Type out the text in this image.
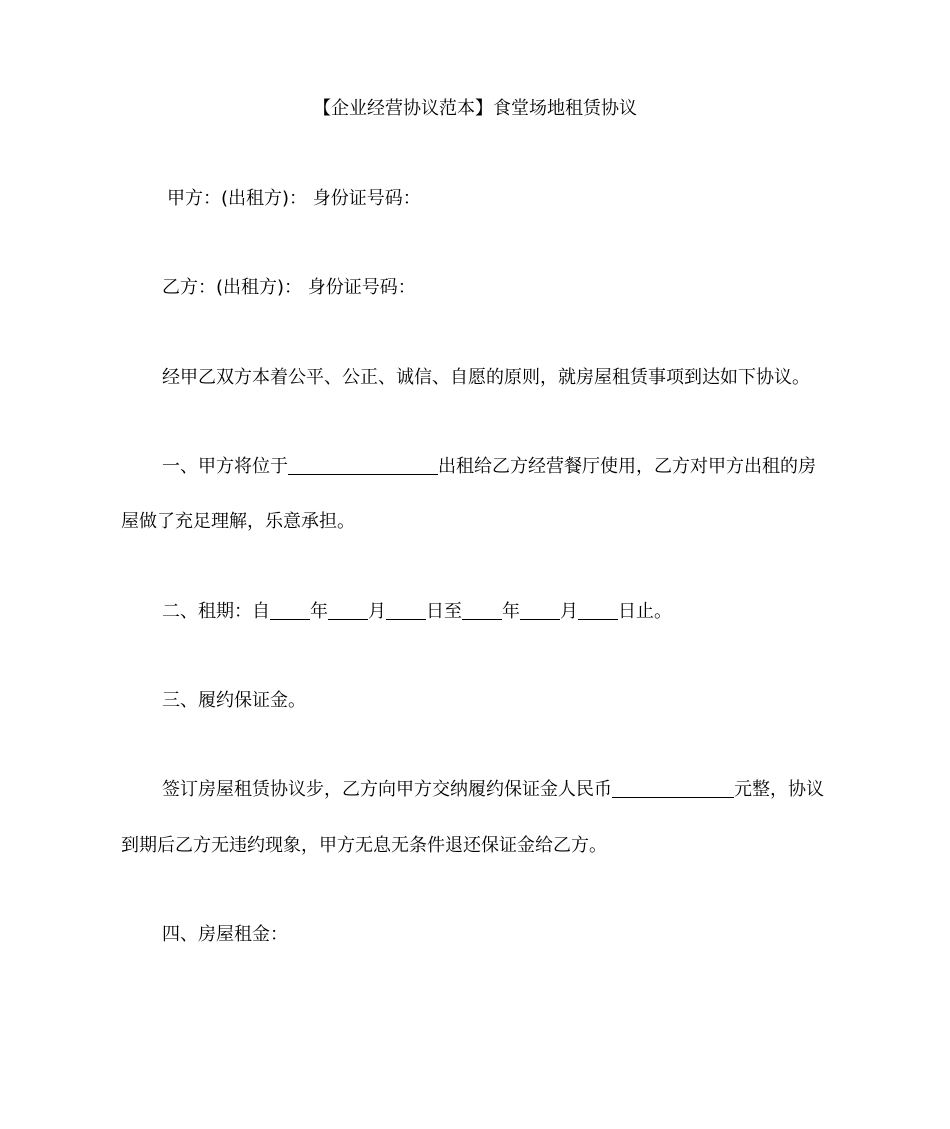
【企业经营协议范本】食堂场地租赁协议
甲方：(出租方)： 身份证号码：
乙方：(出租方)： 身份证号码：
经甲乙双方本着公平、公正、诚信、自愿的原则，就房屋租赁事项到达如下协议。
一、甲方将位于	出租给乙方经营餐厅使用，乙方对甲方出租的房
屋做了充足理解，乐意承担。
二、租期：自 年 月 日至 年 月 日止。
三、履约保证金。
签订房屋租赁协议步，乙方向甲方交纳履约保证金人民币	元整，协议
到期后乙方无违约现象，甲方无息无条件退还保证金给乙方。
四、房屋租金：
